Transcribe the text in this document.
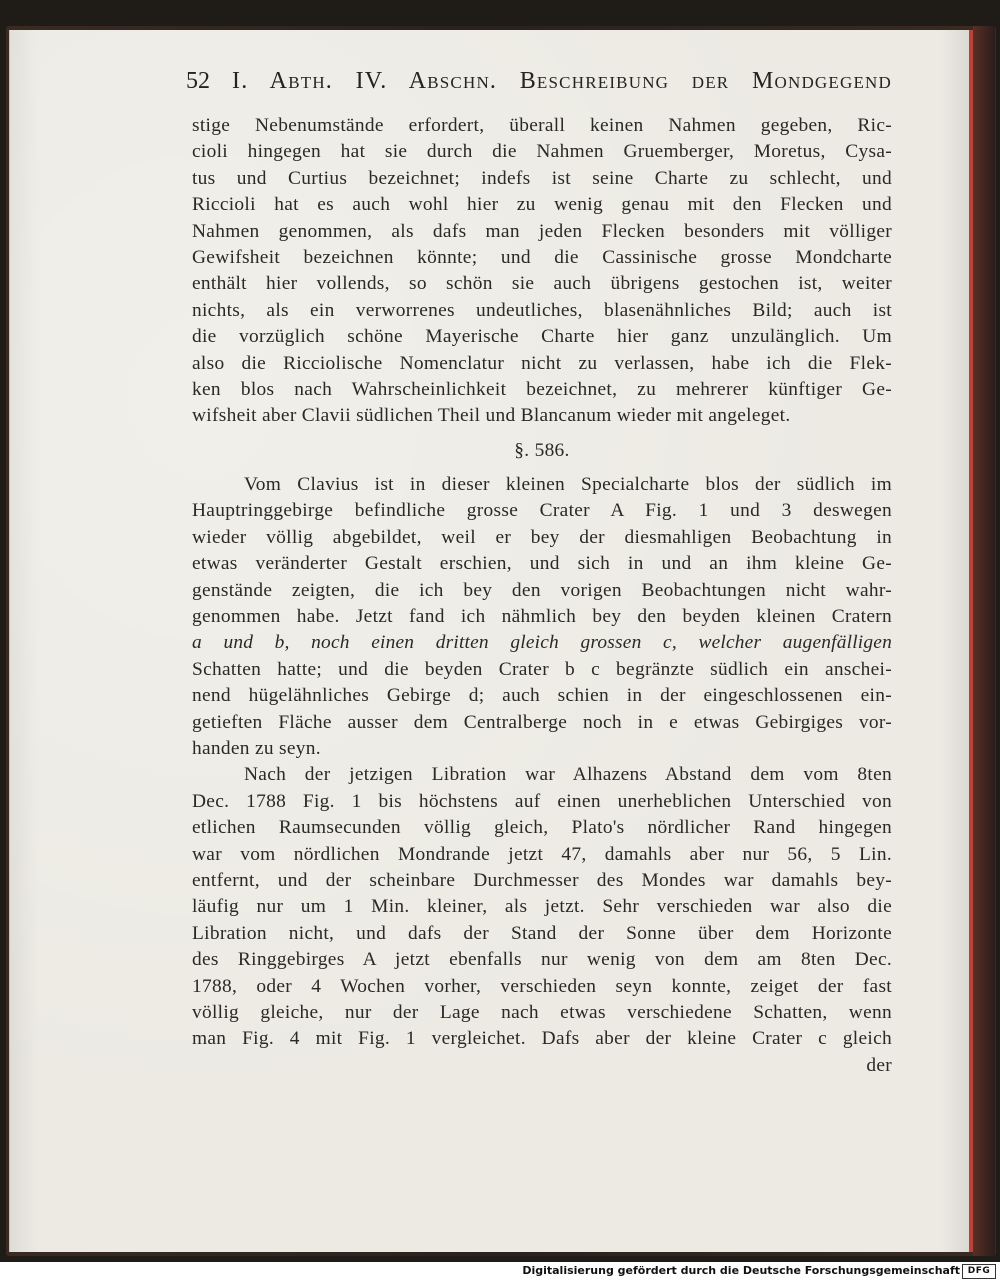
52 I. Abth. IV. Abschn. Beschreibung der Mondgegend
stige Nebenumstände erfordert, überall keinen Nahmen gegeben, Ric-
cioli hingegen hat sie durch die Nahmen Gruemberger, Moretus, Cysa-
tus und Curtius bezeichnet; indefs ist seine Charte zu schlecht, und
Riccioli hat es auch wohl hier zu wenig genau mit den Flecken und
Nahmen genommen, als dafs man jeden Flecken besonders mit völliger
Gewifsheit bezeichnen könnte; und die Cassinische grosse Mondcharte
enthält hier vollends, so schön sie auch übrigens gestochen ist, weiter
nichts, als ein verworrenes undeutliches, blasenähnliches Bild; auch ist
die vorzüglich schöne Mayerische Charte hier ganz unzulänglich. Um
also die Ricciolische Nomenclatur nicht zu verlassen, habe ich die Flek-
ken blos nach Wahrscheinlichkeit bezeichnet, zu mehrerer künftiger Ge-
wifsheit aber Clavii südlichen Theil und Blancanum wieder mit angeleget.
§. 586.
Vom Clavius ist in dieser kleinen Specialcharte blos der südlich im
Hauptringgebirge befindliche grosse Crater A Fig. 1 und 3 deswegen
wieder völlig abgebildet, weil er bey der diesmahligen Beobachtung in
etwas veränderter Gestalt erschien, und sich in und an ihm kleine Ge-
genstände zeigten, die ich bey den vorigen Beobachtungen nicht wahr-
genommen habe. Jetzt fand ich nähmlich bey den beyden kleinen Cratern
a und b, noch einen dritten gleich grossen c, welcher augenfälligen
Schatten hatte; und die beyden Crater b c begränzte südlich ein anschei-
nend hügelähnliches Gebirge d; auch schien in der eingeschlossenen ein-
getieften Fläche ausser dem Centralberge noch in e etwas Gebirgiges vor-
handen zu seyn.
Nach der jetzigen Libration war Alhazens Abstand dem vom 8ten
Dec. 1788 Fig. 1 bis höchstens auf einen unerheblichen Unterschied von
etlichen Raumsecunden völlig gleich, Plato's nördlicher Rand hingegen
war vom nördlichen Mondrande jetzt 47, damahls aber nur 56, 5 Lin.
entfernt, und der scheinbare Durchmesser des Mondes war damahls bey-
läufig nur um 1 Min. kleiner, als jetzt. Sehr verschieden war also die
Libration nicht, und dafs der Stand der Sonne über dem Horizonte
des Ringgebirges A jetzt ebenfalls nur wenig von dem am 8ten Dec.
1788, oder 4 Wochen vorher, verschieden seyn konnte, zeiget der fast
völlig gleiche, nur der Lage nach etwas verschiedene Schatten, wenn
man Fig. 4 mit Fig. 1 vergleichet. Dafs aber der kleine Crater c gleich
der
Digitalisierung gefördert durch die Deutsche Forschungsgemeinschaft DFG
